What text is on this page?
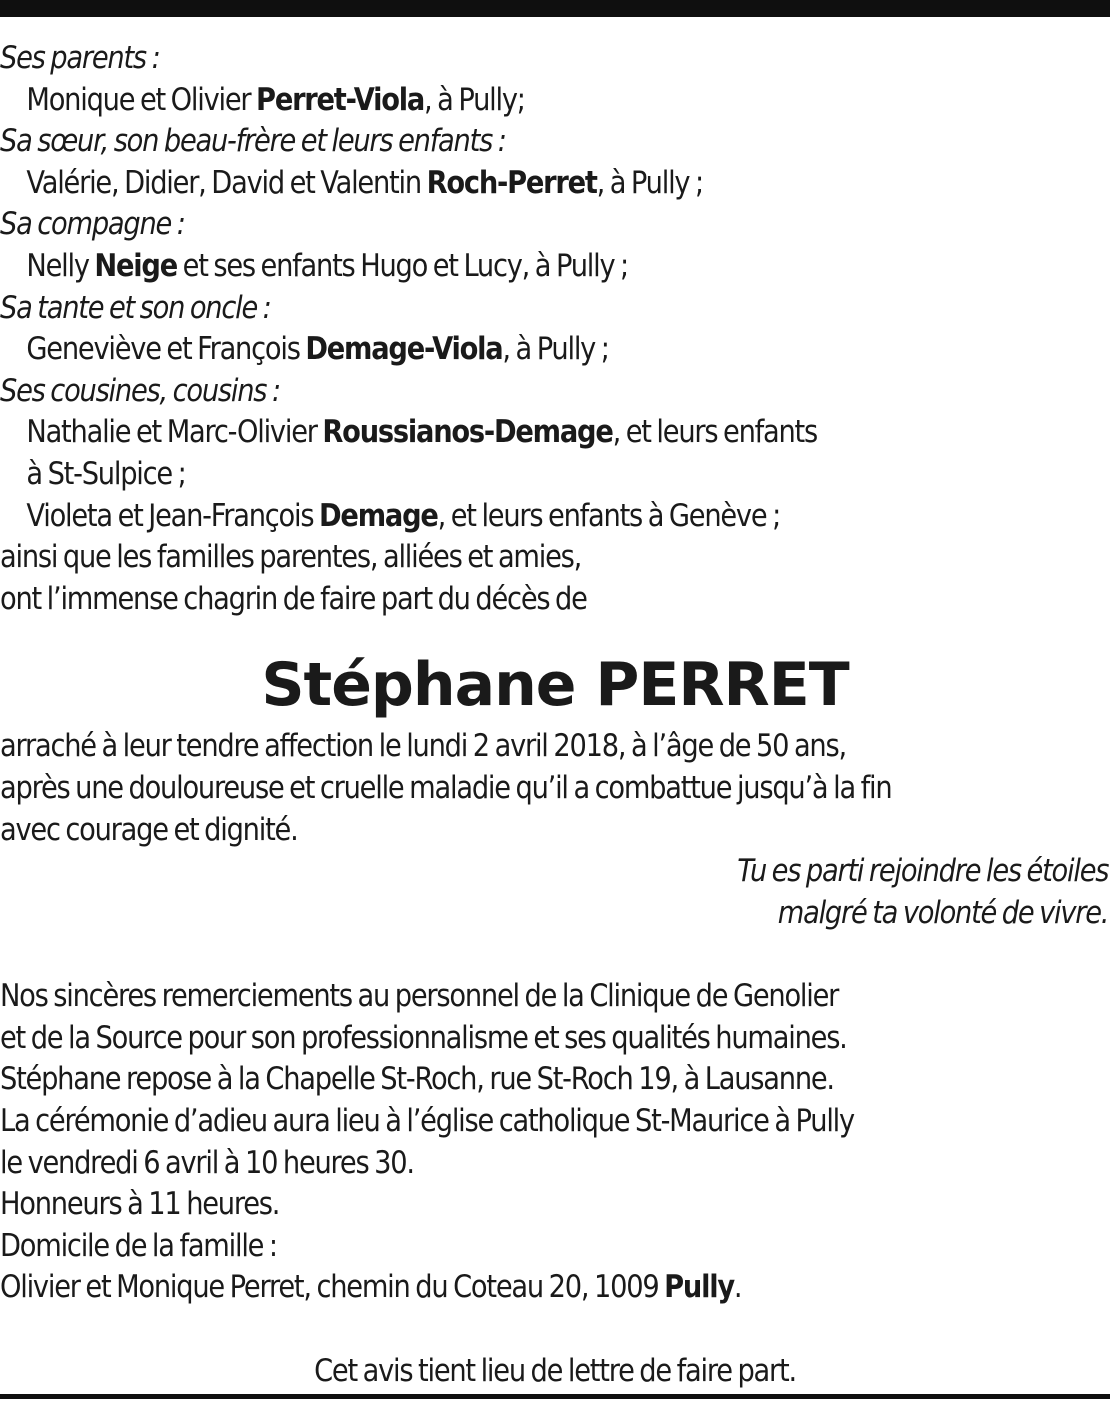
Ses parents :
Monique et Olivier Perret-Viola, à Pully;
Sa sœur, son beau-frère et leurs enfants :
Valérie, Didier, David et Valentin Roch-Perret, à Pully ;
Sa compagne :
Nelly Neige et ses enfants Hugo et Lucy, à Pully ;
Sa tante et son oncle :
Geneviève et François Demage-Viola, à Pully ;
Ses cousines, cousins :
Nathalie et Marc-Olivier Roussianos-Demage, et leurs enfants
à St-Sulpice ;
Violeta et Jean-François Demage, et leurs enfants à Genève ;
ainsi que les familles parentes, alliées et amies,
ont l’immense chagrin de faire part du décès de
Stéphane PERRET
arraché à leur tendre affection le lundi 2 avril 2018, à l’âge de 50 ans,
après une douloureuse et cruelle maladie qu’il a combattue jusqu’à la fin
avec courage et dignité.
Tu es parti rejoindre les étoiles
malgré ta volonté de vivre.
Nos sincères remerciements au personnel de la Clinique de Genolier
et de la Source pour son professionnalisme et ses qualités humaines.
Stéphane repose à la Chapelle St-Roch, rue St-Roch 19, à Lausanne.
La cérémonie d’adieu aura lieu à l’église catholique St-Maurice à Pully
le vendredi 6 avril à 10 heures 30.
Honneurs à 11 heures.
Domicile de la famille :
Olivier et Monique Perret, chemin du Coteau 20, 1009 Pully.
Cet avis tient lieu de lettre de faire part.
